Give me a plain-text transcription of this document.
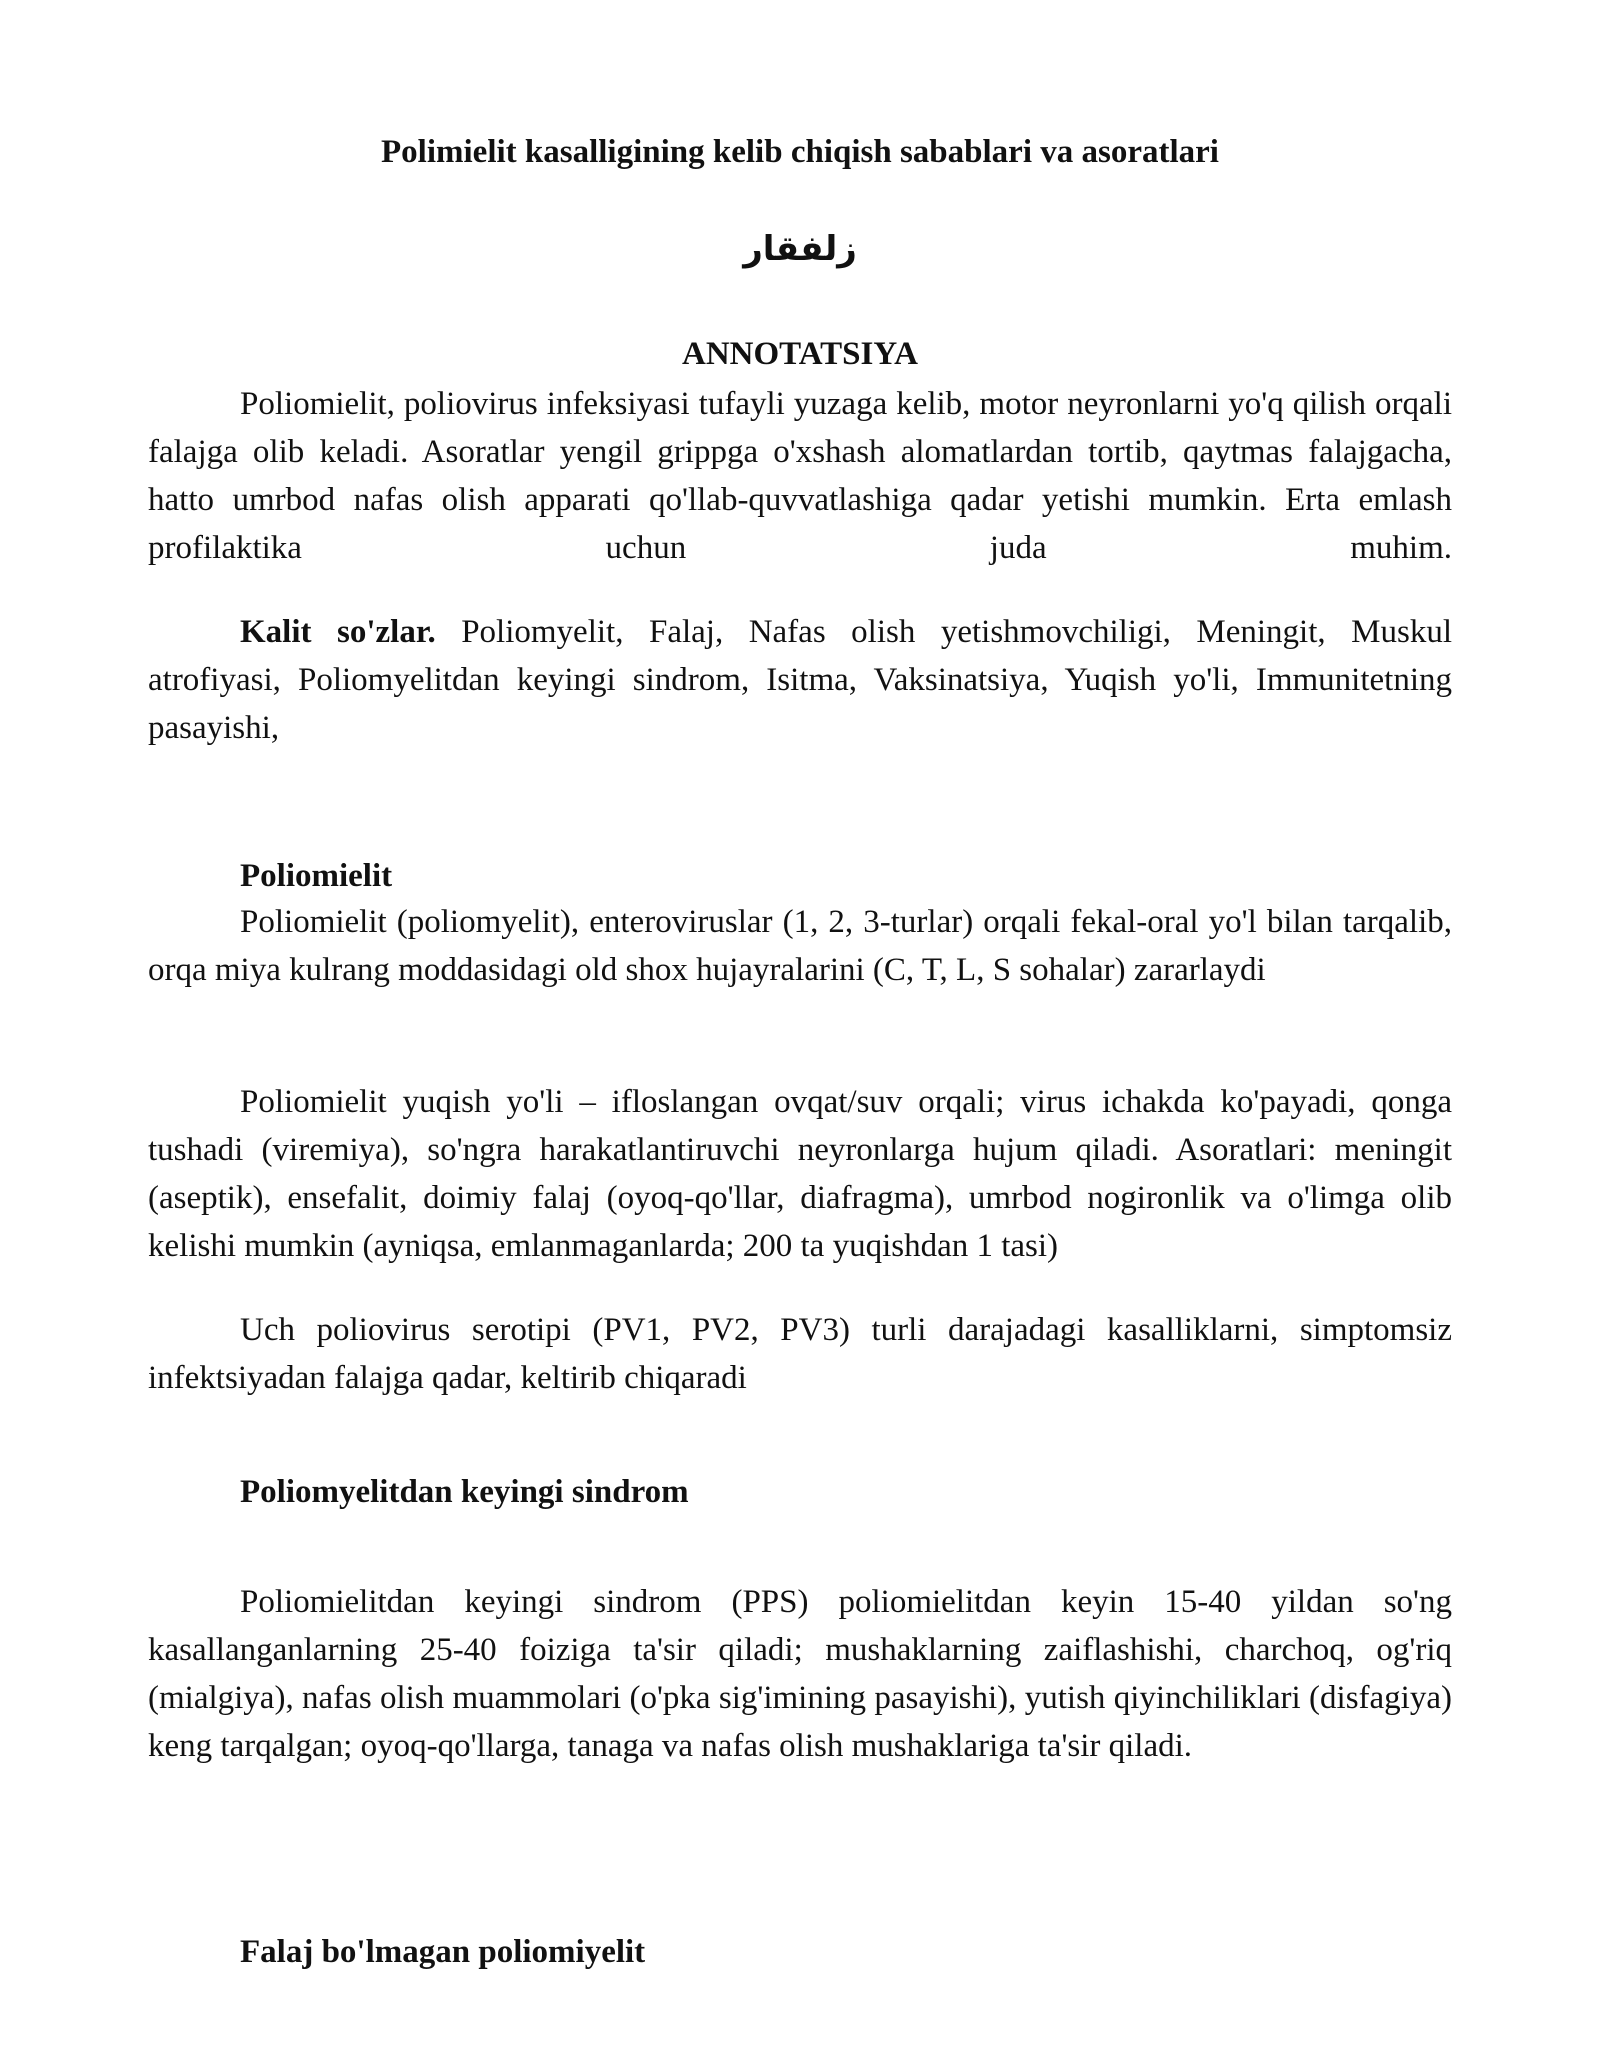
Polimielit kasalligining kelib chiqish sabablari va asoratlari
زلفقار
ANNOTATSIYA

Poliomielit, poliovirus infeksiyasi tufayli yuzaga kelib, motor neyronlarni yo'q qilish orqali falajga olib keladi. Asoratlar yengil grippga o'xshash alomatlardan tortib, qaytmas falajgacha, hatto umrbod nafas olish apparati qo'llab-quvvatlashiga qadar yetishi mumkin. Erta emlash profilaktika uchun juda muhim.

Kalit so'zlar. Poliomyelit, Falaj, Nafas olish yetishmovchiligi, Meningit, Muskul atrofiyasi, Poliomyelitdan keyingi sindrom, Isitma, Vaksinatsiya, Yuqish yo'li, Immunitetning pasayishi,

Poliomielit

Poliomielit (poliomyelit), enteroviruslar (1, 2, 3-turlar) orqali fekal-oral yo'l bilan tarqalib, orqa miya kulrang moddasidagi old shox hujayralarini (C, T, L, S sohalar) zararlaydi

Poliomielit yuqish yo'li – ifloslangan ovqat/suv orqali; virus ichakda ko'payadi, qonga tushadi (viremiya), so'ngra harakatlantiruvchi neyronlarga hujum qiladi. Asoratlari: meningit (aseptik), ensefalit, doimiy falaj (oyoq-qo'llar, diafragma), umrbod nogironlik va o'limga olib kelishi mumkin (ayniqsa, emlanmaganlarda; 200 ta yuqishdan 1 tasi)

Uch poliovirus serotipi (PV1, PV2, PV3) turli darajadagi kasalliklarni, simptomsiz infektsiyadan falajga qadar, keltirib chiqaradi

Poliomyelitdan keyingi sindrom

Poliomielitdan keyingi sindrom (PPS) poliomielitdan keyin 15-40 yildan so'ng kasallanganlarning 25-40 foiziga ta'sir qiladi; mushaklarning zaiflashishi, charchoq, og'riq (mialgiya), nafas olish muammolari (o'pka sig'imining pasayishi), yutish qiyinchiliklari (disfagiya) keng tarqalgan; oyoq-qo'llarga, tanaga va nafas olish mushaklariga ta'sir qiladi.

Falaj bo'lmagan poliomiyelit
